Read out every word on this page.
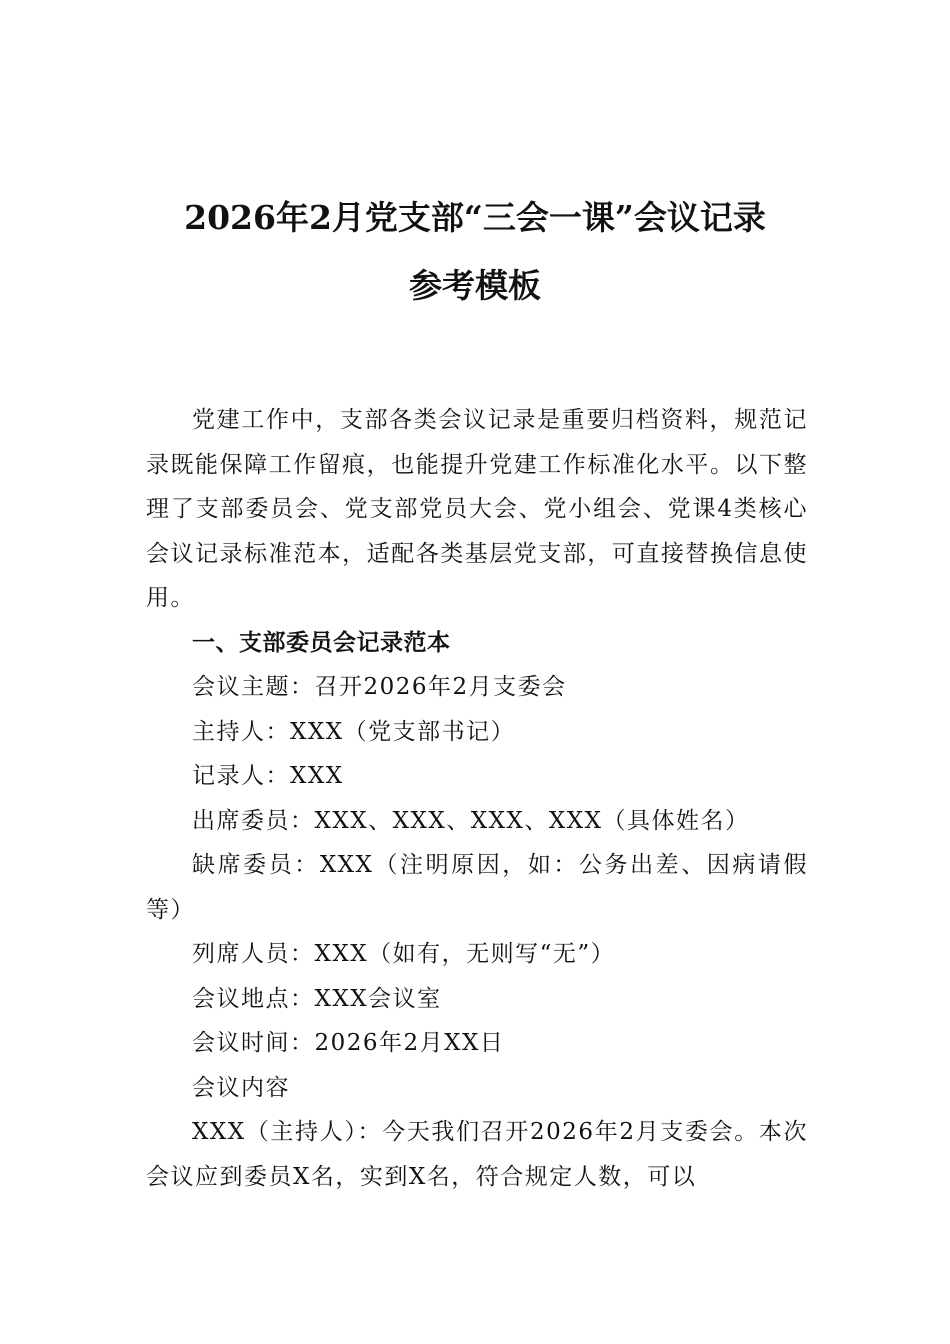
2026年2月党支部“三会一课”会议记录
参考模板

党建工作中，支部各类会议记录是重要归档资料，规范记录既能保障工作留痕，也能提升党建工作标准化水平。以下整理了支部委员会、党支部党员大会、党小组会、党课4类核心会议记录标准范本，适配各类基层党支部，可直接替换信息使用。

一、支部委员会记录范本

会议主题：召开2026年2月支委会

主持人：XXX（党支部书记）

记录人：XXX

出席委员：XXX、XXX、XXX、XXX（具体姓名）

缺席委员：XXX（注明原因，如：公务出差、因病请假等）

列席人员：XXX（如有，无则写“无”）

会议地点：XXX会议室

会议时间：2026年2月XX日

会议内容

XXX（主持人）：今天我们召开2026年2月支委会。本次会议应到委员X名，实到X名，符合规定人数，可以
